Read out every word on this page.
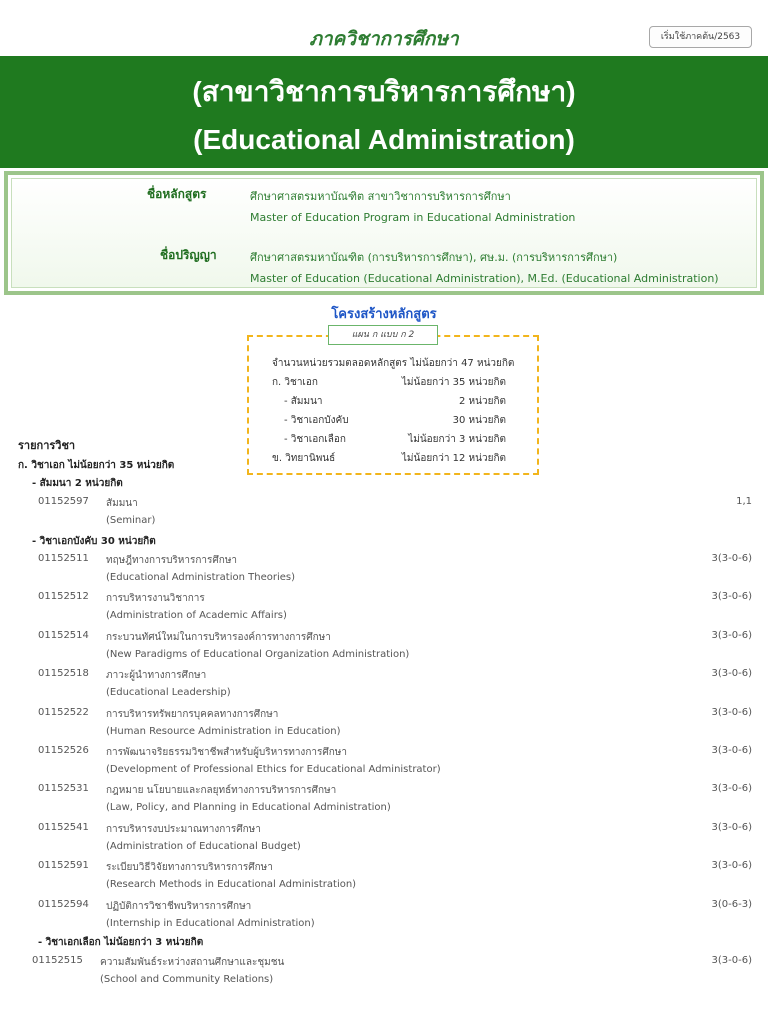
ภาควิชาการศึกษา	เริ่มใช้ภาคต้น/2563
(สาขาวิชาการบริหารการศึกษา)
(Educational Administration)
ชื่อหลักสูตร	ศึกษาศาสตรมหาบัณฑิต สาขาวิชาการบริหารการศึกษา
Master of Education Program in Educational Administration
ชื่อปริญญา	ศึกษาศาสตรมหาบัณฑิต (การบริหารการศึกษา), ศษ.ม. (การบริหารการศึกษา)
Master of Education (Educational Administration), M.Ed. (Educational Administration)
โครงสร้างหลักสูตร
แผน ก แบบ ก 2
จำนวนหน่วยรวมตลอดหลักสูตร ไม่น้อยกว่า 47 หน่วยกิต
ก. วิชาเอก	ไม่น้อยกว่า 35 หน่วยกิต
- สัมมนา	2 หน่วยกิต
- วิชาเอกบังคับ	30 หน่วยกิต
- วิชาเอกเลือก	ไม่น้อยกว่า 3 หน่วยกิต
ข. วิทยานิพนธ์	ไม่น้อยกว่า 12 หน่วยกิต
รายการวิชา
ก. วิชาเอก ไม่น้อยกว่า 35 หน่วยกิต
- สัมมนา 2 หน่วยกิต
01152597 สัมมนา	1,1
(Seminar)
- วิชาเอกบังคับ 30 หน่วยกิต
01152511 ทฤษฎีทางการบริหารการศึกษา	3(3-0-6)
(Educational Administration Theories)
01152512 การบริหารงานวิชาการ	3(3-0-6)
(Administration of Academic Affairs)
01152514 กระบวนทัศน์ใหม่ในการบริหารองค์การทางการศึกษา	3(3-0-6)
(New Paradigms of Educational Organization Administration)
01152518 ภาวะผู้นำทางการศึกษา	3(3-0-6)
(Educational Leadership)
01152522 การบริหารทรัพยากรบุคคลทางการศึกษา	3(3-0-6)
(Human Resource Administration in Education)
01152526 การพัฒนาจริยธรรมวิชาชีพสำหรับผู้บริหารทางการศึกษา	3(3-0-6)
(Development of Professional Ethics for Educational Administrator)
01152531 กฎหมาย นโยบายและกลยุทธ์ทางการบริหารการศึกษา	3(3-0-6)
(Law, Policy, and Planning in Educational Administration)
01152541 การบริหารงบประมาณทางการศึกษา	3(3-0-6)
(Administration of Educational Budget)
01152591 ระเบียบวิธีวิจัยทางการบริหารการศึกษา	3(3-0-6)
(Research Methods in Educational Administration)
01152594 ปฏิบัติการวิชาชีพบริหารการศึกษา	3(0-6-3)
(Internship in Educational Administration)
- วิชาเอกเลือก ไม่น้อยกว่า 3 หน่วยกิต
01152515 ความสัมพันธ์ระหว่างสถานศึกษาและชุมชน	3(3-0-6)
(School and Community Relations)
